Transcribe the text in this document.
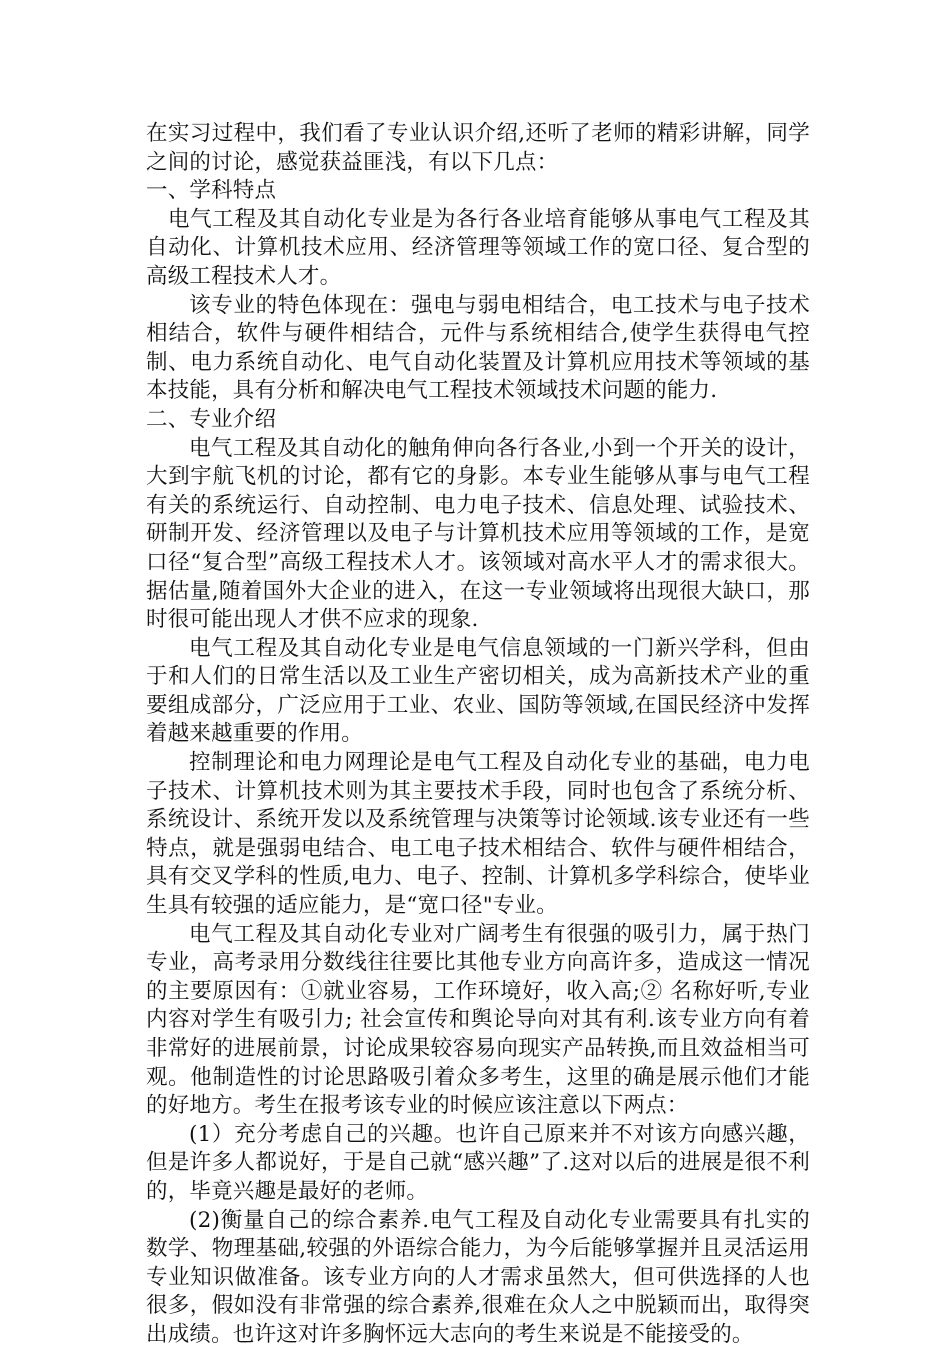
在实习过程中，我们看了专业认识介绍,还听了老师的精彩讲解，同学之间的讨论，感觉获益匪浅，有以下几点：

一、学科特点

电气工程及其自动化专业是为各行各业培育能够从事电气工程及其自动化、计算机技术应用、经济管理等领域工作的宽口径、复合型的高级工程技术人才。

该专业的特色体现在：强电与弱电相结合，电工技术与电子技术相结合，软件与硬件相结合，元件与系统相结合,使学生获得电气控制、电力系统自动化、电气自动化装置及计算机应用技术等领域的基本技能，具有分析和解决电气工程技术领域技术问题的能力.

二、专业介绍

电气工程及其自动化的触角伸向各行各业,小到一个开关的设计，大到宇航飞机的讨论，都有它的身影。本专业生能够从事与电气工程有关的系统运行、自动控制、电力电子技术、信息处理、试验技术、研制开发、经济管理以及电子与计算机技术应用等领域的工作，是宽口径“复合型”高级工程技术人才。该领域对高水平人才的需求很大。据估量,随着国外大企业的进入，在这一专业领域将出现很大缺口，那时很可能出现人才供不应求的现象.

电气工程及其自动化专业是电气信息领域的一门新兴学科，但由于和人们的日常生活以及工业生产密切相关，成为高新技术产业的重要组成部分，广泛应用于工业、农业、国防等领域,在国民经济中发挥着越来越重要的作用。

控制理论和电力网理论是电气工程及自动化专业的基础，电力电子技术、计算机技术则为其主要技术手段，同时也包含了系统分析、系统设计、系统开发以及系统管理与决策等讨论领域.该专业还有一些特点，就是强弱电结合、电工电子技术相结合、软件与硬件相结合，具有交叉学科的性质,电力、电子、控制、计算机多学科综合，使毕业生具有较强的适应能力，是“宽口径"专业。

电气工程及其自动化专业对广阔考生有很强的吸引力，属于热门专业，高考录用分数线往往要比其他专业方向高许多，造成这一情况的主要原因有：①就业容易，工作环境好，收入高;② 名称好听,专业内容对学生有吸引力; 社会宣传和舆论导向对其有利.该专业方向有着非常好的进展前景，讨论成果较容易向现实产品转换,而且效益相当可观。他制造性的讨论思路吸引着众多考生，这里的确是展示他们才能的好地方。考生在报考该专业的时候应该注意以下两点：

(1）充分考虑自己的兴趣。也许自己原来并不对该方向感兴趣，但是许多人都说好，于是自己就“感兴趣”了.这对以后的进展是很不利的，毕竟兴趣是最好的老师。

(2)衡量自己的综合素养.电气工程及自动化专业需要具有扎实的数学、物理基础,较强的外语综合能力，为今后能够掌握并且灵活运用专业知识做准备。该专业方向的人才需求虽然大，但可供选择的人也很多，假如没有非常强的综合素养,很难在众人之中脱颖而出，取得突出成绩。也许这对许多胸怀远大志向的考生来说是不能接受的。
